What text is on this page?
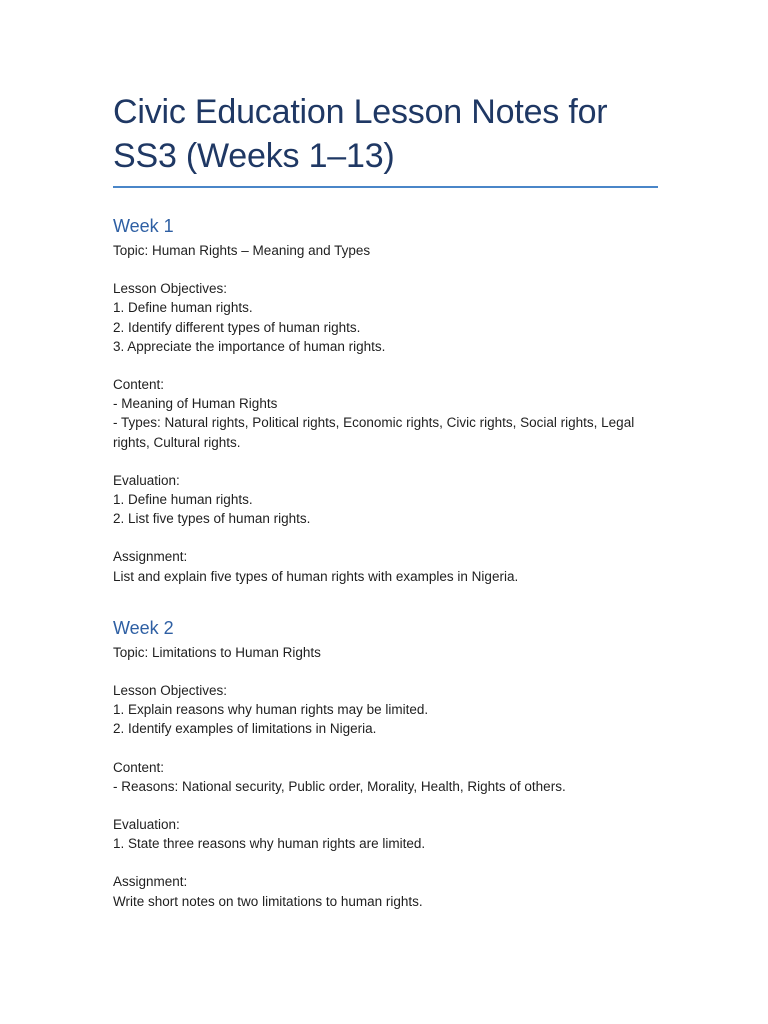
Civic Education Lesson Notes for SS3 (Weeks 1–13)
Week 1

Topic: Human Rights – Meaning and Types

Lesson Objectives:

1. Define human rights.

2. Identify different types of human rights.

3. Appreciate the importance of human rights.

Content:

- Meaning of Human Rights

- Types: Natural rights, Political rights, Economic rights, Civic rights, Social rights, Legal rights, Cultural rights.

Evaluation:

1. Define human rights.

2. List five types of human rights.

Assignment:

List and explain five types of human rights with examples in Nigeria.

Week 2

Topic: Limitations to Human Rights

Lesson Objectives:

1. Explain reasons why human rights may be limited.

2. Identify examples of limitations in Nigeria.

Content:

- Reasons: National security, Public order, Morality, Health, Rights of others.

Evaluation:

1. State three reasons why human rights are limited.

Assignment:

Write short notes on two limitations to human rights.
